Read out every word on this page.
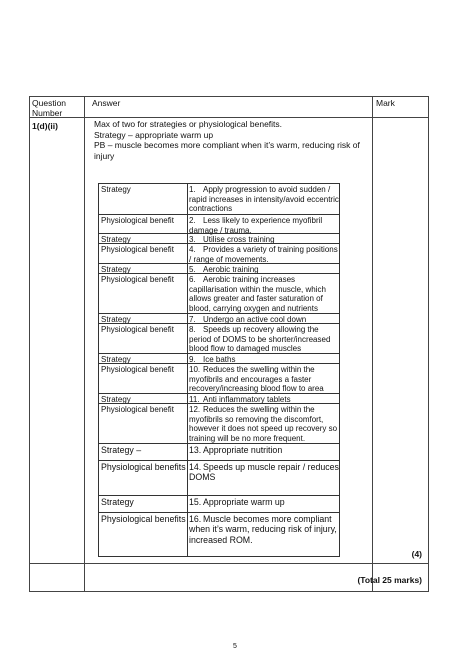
Question Number
Answer	Mark
1(d)(ii)	Max of two for strategies or physiological benefits.
Strategy – appropriate warm up
PB – muscle becomes more compliant when it’s warm, reducing risk of injury
Strategy	1. Apply progression to avoid sudden / rapid increases in intensity/avoid eccentric contractions
Physiological benefit	2. Less likely to experience myofibril damage / trauma.
Strategy	3. Utilise cross training
Physiological benefit	4. Provides a variety of training positions / range of movements.
Strategy	5. Aerobic training
Physiological benefit	6. Aerobic training increases capillarisation within the muscle, which allows greater and faster saturation of blood, carrying oxygen and nutrients
Strategy	7. Undergo an active cool down
Physiological benefit	8. Speeds up recovery allowing the period of DOMS to be shorter/increased blood flow to damaged muscles
Strategy	9. Ice baths
Physiological benefit	10. Reduces the swelling within the myofibrils and encourages a faster recovery/increasing blood flow to area
Strategy	11. Anti inflammatory tablets
Physiological benefit	12. Reduces the swelling within the myofibrils so removing the discomfort, however it does not speed up recovery so training will be no more frequent.
Strategy –	13. Appropriate nutrition
Physiological benefits 14. Speeds up muscle repair / reduces DOMS
Strategy	15. Appropriate warm up
Physiological benefits 16. Muscle becomes more compliant when it’s warm, reducing risk of injury, increased ROM.
(4)
(Total 25 marks)
5
